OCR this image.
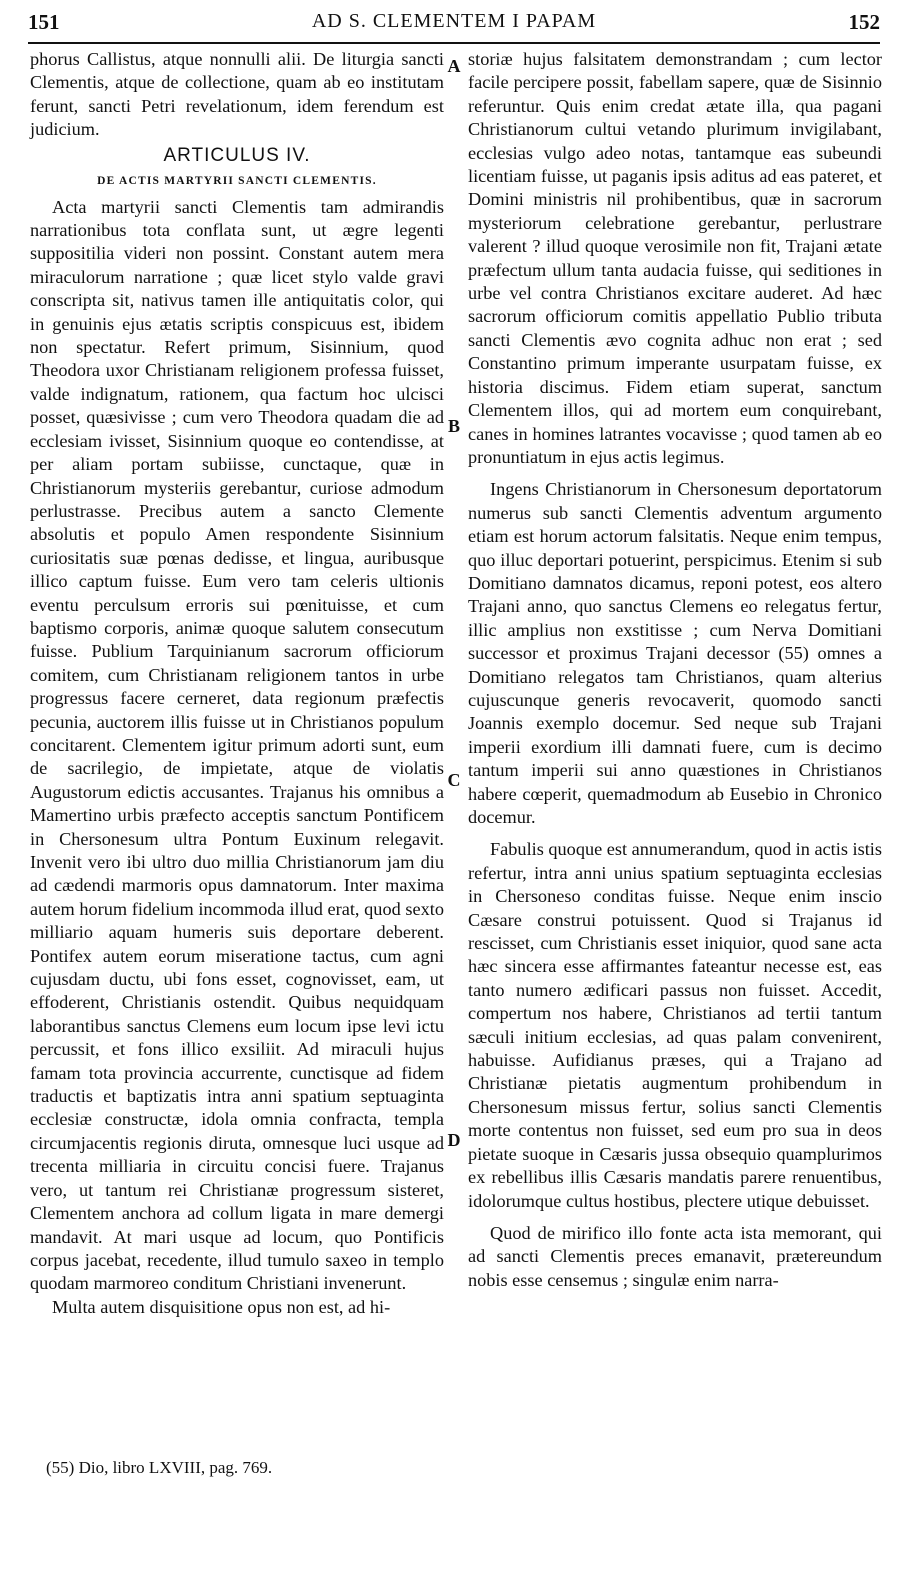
151	AD S. CLEMENTEM I PAPAM	152

phorus Callistus, atque nonnulli alii. De liturgia sancti Clementis, atque de collectione, quam ab eo institutam ferunt, sancti Petri revelationum, idem ferendum est judicium.

ARTICULUS IV.
DE ACTIS MARTYRII SANCTI CLEMENTIS.

Acta martyrii sancti Clementis tam admirandis narrationibus tota conflata sunt, ut ægre legenti suppositilia videri non possint. Constant autem mera miraculorum narratione ; quæ licet stylo valde gravi conscripta sit, nativus tamen ille antiquitatis color, qui in genuinis ejus ætatis scriptis conspicuus est, ibidem non spectatur. Refert primum, Sisinnium, quod Theodora uxor Christianam religionem professa fuisset, valde indignatum, rationem, qua factum hoc ulcisci posset, quæsivisse ; cum vero Theodora quadam die ad ecclesiam ivisset, Sisinnium quoque eo contendisse, at per aliam portam subiisse, cunctaque, quæ in Christianorum mysteriis gerebantur, curiose admodum perlustrasse. Precibus autem a sancto Clemente absolutis et populo Amen respondente Sisinnium curiositatis suæ pœnas dedisse, et lingua, auribusque illico captum fuisse. Eum vero tam celeris ultionis eventu perculsum erroris sui pœnituisse, et cum baptismo corporis, animæ quoque salutem consecutum fuisse. Publium Tarquinianum sacrorum officiorum comitem, cum Christianam religionem tantos in urbe progressus facere cerneret, data regionum præfectis pecunia, auctorem illis fuisse ut in Christianos populum concitarent. Clementem igitur primum adorti sunt, eum de sacrilegio, de impietate, atque de violatis Augustorum edictis accusantes. Trajanus his omnibus a Mamertino urbis præfecto acceptis sanctum Pontificem in Chersonesum ultra Pontum Euxinum relegavit. Invenit vero ibi ultro duo millia Christianorum jam diu ad cædendi marmoris opus damnatorum. Inter maxima autem horum fidelium incommoda illud erat, quod sexto milliario aquam humeris suis deportare deberent. Pontifex autem eorum miseratione tactus, cum agni cujusdam ductu, ubi fons esset, cognovisset, eam, ut effoderent, Christianis ostendit. Quibus nequidquam laborantibus sanctus Clemens eum locum ipse levi ictu percussit, et fons illico exsiliit. Ad miraculi hujus famam tota provincia accurrente, cunctisque ad fidem traductis et baptizatis intra anni spatium septuaginta ecclesiæ constructæ, idola omnia confracta, templa circumjacentis regionis diruta, omnesque luci usque ad trecenta milliaria in circuitu concisi fuere. Trajanus vero, ut tantum rei Christianæ progressum sisteret, Clementem anchora ad collum ligata in mare demergi mandavit. At mari usque ad locum, quo Pontificis corpus jacebat, recedente, illud tumulo saxeo in templo quodam marmoreo conditum Christiani invenerunt.

Multa autem disquisitione opus non est, ad hi-

storiæ hujus falsitatem demonstrandam ; cum lector facile percipere possit, fabellam sapere, quæ de Sisinnio referuntur. Quis enim credat ætate illa, qua pagani Christianorum cultui vetando plurimum invigilabant, ecclesias vulgo adeo notas, tantamque eas subeundi licentiam fuisse, ut paganis ipsis aditus ad eas pateret, et Domini ministris nil prohibentibus, quæ in sacrorum mysteriorum celebratione gerebantur, perlustrare valerent ? illud quoque verosimile non fit, Trajani ætate præfectum ullum tanta audacia fuisse, qui seditiones in urbe vel contra Christianos excitare auderet. Ad hæc sacrorum officiorum comitis appellatio Publio tributa sancti Clementis ævo cognita adhuc non erat ; sed Constantino primum imperante usurpatam fuisse, ex historia discimus. Fidem etiam superat, sanctum Clementem illos, qui ad mortem eum conquirebant, canes in homines latrantes vocavisse ; quod tamen ab eo pronuntiatum in ejus actis legimus.

Ingens Christianorum in Chersonesum deportatorum numerus sub sancti Clementis adventum argumento etiam est horum actorum falsitatis. Neque enim tempus, quo illuc deportari potuerint, perspicimus. Etenim si sub Domitiano damnatos dicamus, reponi potest, eos altero Trajani anno, quo sanctus Clemens eo relegatus fertur, illic amplius non exstitisse ; cum Nerva Domitiani successor et proximus Trajani decessor (55) omnes a Domitiano relegatos tam Christianos, quam alterius cujuscunque generis revocaverit, quomodo sancti Joannis exemplo docemur. Sed neque sub Trajani imperii exordium illi damnati fuere, cum is decimo tantum imperii sui anno quæstiones in Christianos habere cœperit, quemadmodum ab Eusebio in Chronico docemur.

Fabulis quoque est annumerandum, quod in actis istis refertur, intra anni unius spatium septuaginta ecclesias in Chersoneso conditas fuisse. Neque enim inscio Cæsare construi potuissent. Quod si Trajanus id rescisset, cum Christianis esset iniquior, quod sane acta hæc sincera esse affirmantes fateantur necesse est, eas tanto numero ædificari passus non fuisset. Accedit, compertum nos habere, Christianos ad tertii tantum sæculi initium ecclesias, ad quas palam convenirent, habuisse. Aufidianus præses, qui a Trajano ad Christianæ pietatis augmentum prohibendum in Chersonesum missus fertur, solius sancti Clementis morte contentus non fuisset, sed eum pro sua in deos pietate suoque in Cæsaris jussa obsequio quamplurimos ex rebellibus illis Cæsaris mandatis parere renuentibus, idolorumque cultus hostibus, plectere utique debuisset.

Quod de mirifico illo fonte acta ista memorant, qui ad sancti Clementis preces emanavit, prætereundum nobis esse censemus ; singulæ enim narra-

A
B
C
D
(55) Dio, libro LXVIII, pag. 769.
